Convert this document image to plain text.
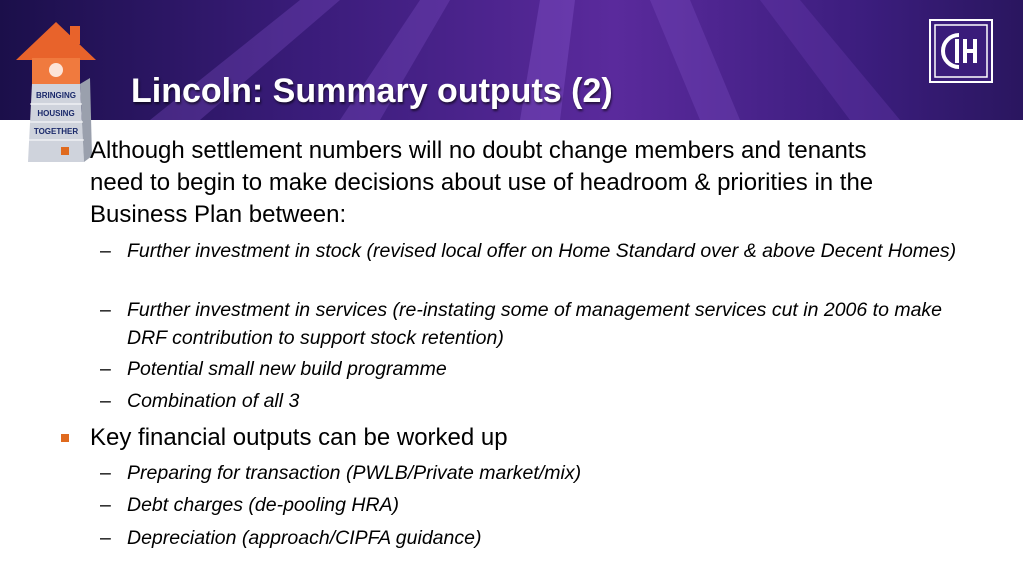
Lincoln: Summary outputs (2)
BRINGING
HOUSING
TOGETHER
Although settlement numbers will no doubt change members and tenants need to begin to make decisions about use of headroom & priorities in the Business Plan between:
– Further investment in stock (revised local offer on Home Standard over & above Decent Homes)
– Further investment in services (re-instating some of management services cut in 2006 to make DRF contribution to support stock retention)
– Potential small new build programme
– Combination of all 3
Key financial outputs can be worked up
– Preparing for transaction (PWLB/Private market/mix)
– Debt charges (de-pooling HRA)
– Depreciation (approach/CIPFA guidance)
